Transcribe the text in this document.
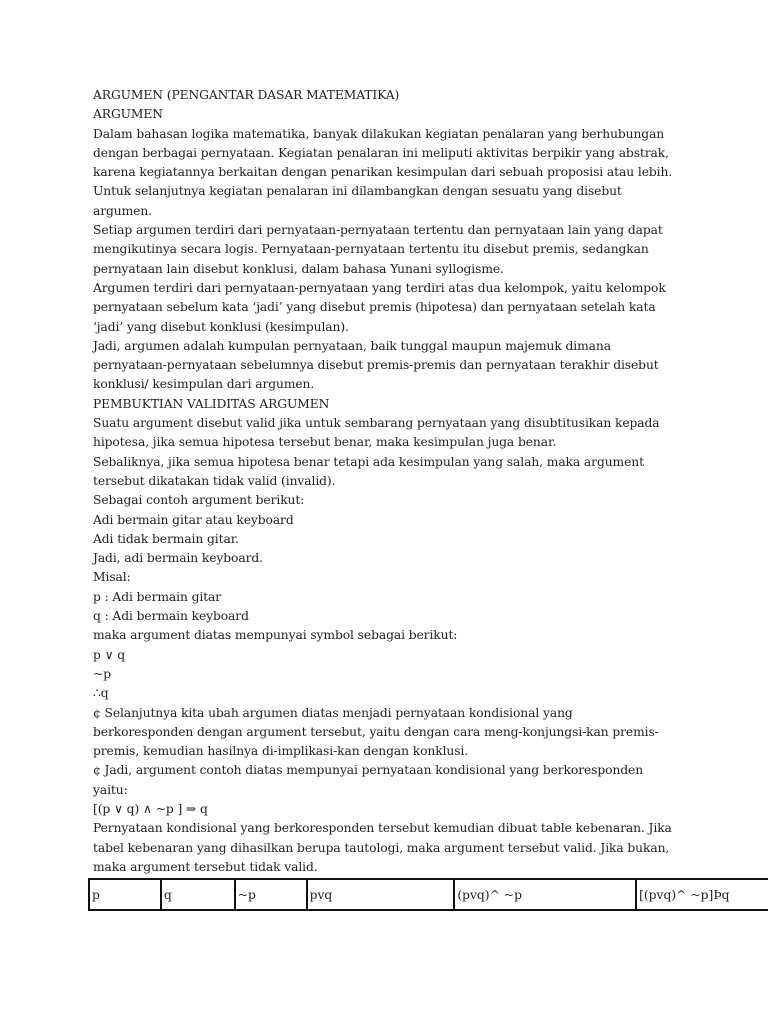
ARGUMEN (PENGANTAR DASAR MATEMATIKA)
ARGUMEN
Dalam bahasan logika matematika, banyak dilakukan kegiatan penalaran yang berhubungan
dengan berbagai pernyataan. Kegiatan penalaran ini meliputi aktivitas berpikir yang abstrak,
karena kegiatannya berkaitan dengan penarikan kesimpulan dari sebuah proposisi atau lebih.
Untuk selanjutnya kegiatan penalaran ini dilambangkan dengan sesuatu yang disebut
argumen.
Setiap argumen terdiri dari pernyataan-pernyataan tertentu dan pernyataan lain yang dapat
mengikutinya secara logis. Pernyataan-pernyataan tertentu itu disebut premis, sedangkan
pernyataan lain disebut konklusi, dalam bahasa Yunani syllogisme.
Argumen terdiri dari pernyataan-pernyataan yang terdiri atas dua kelompok, yaitu kelompok
pernyataan sebelum kata ‘jadi’ yang disebut premis (hipotesa) dan pernyataan setelah kata
‘jadi’ yang disebut konklusi (kesimpulan).
Jadi, argumen adalah kumpulan pernyataan, baik tunggal maupun majemuk dimana
pernyataan-pernyataan sebelumnya disebut premis-premis dan pernyataan terakhir disebut
konklusi/ kesimpulan dari argumen.
PEMBUKTIAN VALIDITAS ARGUMEN
Suatu argument disebut valid jika untuk sembarang pernyataan yang disubtitusikan kepada
hipotesa, jika semua hipotesa tersebut benar, maka kesimpulan juga benar.
Sebaliknya, jika semua hipotesa benar tetapi ada kesimpulan yang salah, maka argument
tersebut dikatakan tidak valid (invalid).
Sebagai contoh argument berikut:
Adi bermain gitar atau keyboard
Adi tidak bermain gitar.
Jadi, adi bermain keyboard.
Misal:
p : Adi bermain gitar
q : Adi bermain keyboard
maka argument diatas mempunyai symbol sebagai berikut:
p ∨ q
~p
∴q
¢ Selanjutnya kita ubah argumen diatas menjadi pernyataan kondisional yang
berkoresponden dengan argument tersebut, yaitu dengan cara meng-konjungsi-kan premis-
premis, kemudian hasilnya di-implikasi-kan dengan konklusi.
¢ Jadi, argument contoh diatas mempunyai pernyataan kondisional yang berkoresponden
yaitu:
[(p ∨ q) ∧ ~p ] ⇒ q
Pernyataan kondisional yang berkoresponden tersebut kemudian dibuat table kebenaran. Jika
tabel kebenaran yang dihasilkan berupa tautologi, maka argument tersebut valid. Jika bukan,
maka argument tersebut tidak valid.
p	q	~p	pvq	(pvq)^ ~p	[(pvq)^ ~p]Þq
